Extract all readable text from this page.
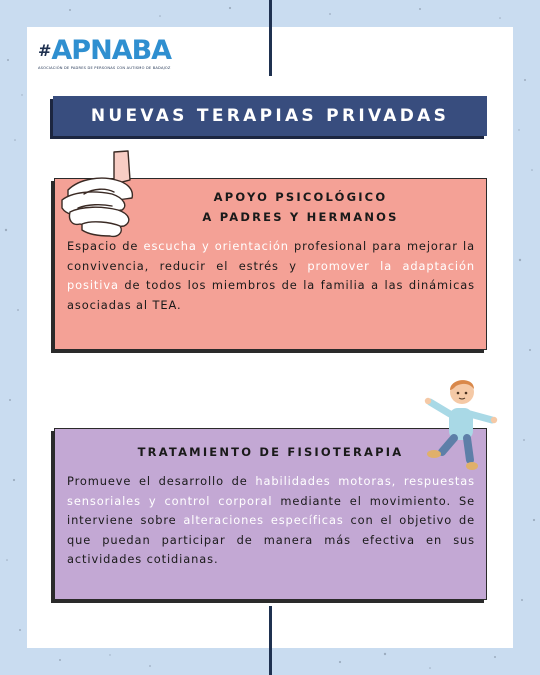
# APNABA
ASOCIACIÓN DE PADRES DE PERSONAS CON AUTISMO DE BADAJOZ
NUEVAS TERAPIAS PRIVADAS
APOYO PSICOLÓGICO
A PADRES Y HERMANOS
Espacio de escucha y orientación profesional para mejorar la convivencia, reducir el estrés y promover la adaptación positiva de todos los miembros de la familia a las dinámicas asociadas al TEA.
TRATAMIENTO DE FISIOTERAPIA
Promueve el desarrollo de habilidades motoras, respuestas sensoriales y control corporal mediante el movimiento. Se interviene sobre alteraciones específicas con el objetivo de que puedan participar de manera más efectiva en sus actividades cotidianas.
